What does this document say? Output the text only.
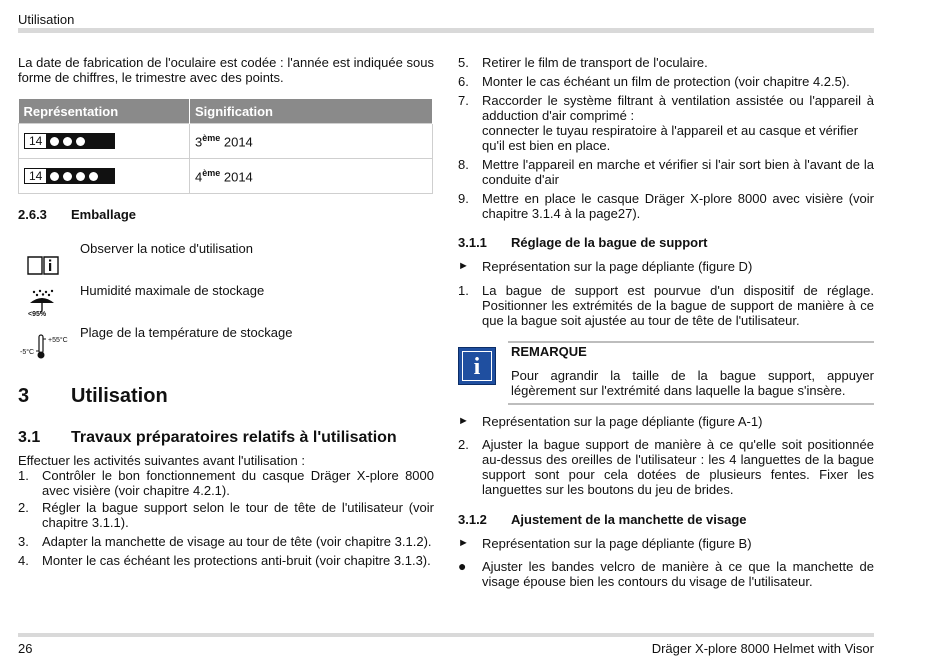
Utilisation

La date de fabrication de l'oculaire est codée : l'année est indiquée sous forme de chiffres, le trimestre avec des points.

Représentation	Signification

14	3ème 2014

14	4ème 2014
2.6.3 Emballage
Observer la notice d'utilisation
<95%
Humidité maximale de stockage
+55°C
-5°C
Plage de la température de stockage
3 Utilisation
3.1 Travaux préparatoires relatifs à l'utilisation

Effectuer les activités suivantes avant l'utilisation :

1.	Contrôler le bon fonctionnement du casque Dräger X-plore 8000 avec visière (voir chapitre 4.2.1).
2.	Régler la bague support selon le tour de tête de l'utilisateur (voir chapitre 3.1.1).
3.	Adapter la manchette de visage au tour de tête (voir chapitre 3.1.2).
4.	Monter le cas échéant les protections anti-bruit (voir chapitre 3.1.3).
5.	Retirer le film de transport de l'oculaire.
6.	Monter le cas échéant un film de protection (voir chapitre 4.2.5).
7.	Raccorder le système filtrant à ventilation assistée ou l'appareil à adduction d'air comprimé :
connecter le tuyau respiratoire à l'appareil et au casque et vérifier qu'il est bien en place.
8.	Mettre l'appareil en marche et vérifier si l'air sort bien à l'avant de la conduite d'air
9.	Mettre en place le casque Dräger X-plore 8000 avec visière (voir chapitre 3.1.4 à la page27).
3.1.1 Réglage de la bague de support
►	Représentation sur la page dépliante (figure D)
1.	La bague de support est pourvue d'un dispositif de réglage. Positionner les extrémités de la bague de support de manière à ce que la bague soit ajustée au tour de tête de l'utilisateur.
i
REMARQUE

Pour agrandir la taille de la bague support, appuyer légèrement sur l'extrémité dans laquelle la bague s'insère.

►	Représentation sur la page dépliante (figure A-1)
2.	Ajuster la bague support de manière à ce qu'elle soit positionnée au-dessus des oreilles de l'utilisateur : les 4 languettes de la bague support sont pour cela dotées de plusieurs fentes. Fixer les languettes sur les boutons du jeu de brides.
3.1.2 Ajustement de la manchette de visage
►	Représentation sur la page dépliante (figure B)
●	Ajuster les bandes velcro de manière à ce que la manchette de visage épouse bien les contours du visage de l'utilisateur.
26	Dräger X-plore 8000 Helmet with Visor
